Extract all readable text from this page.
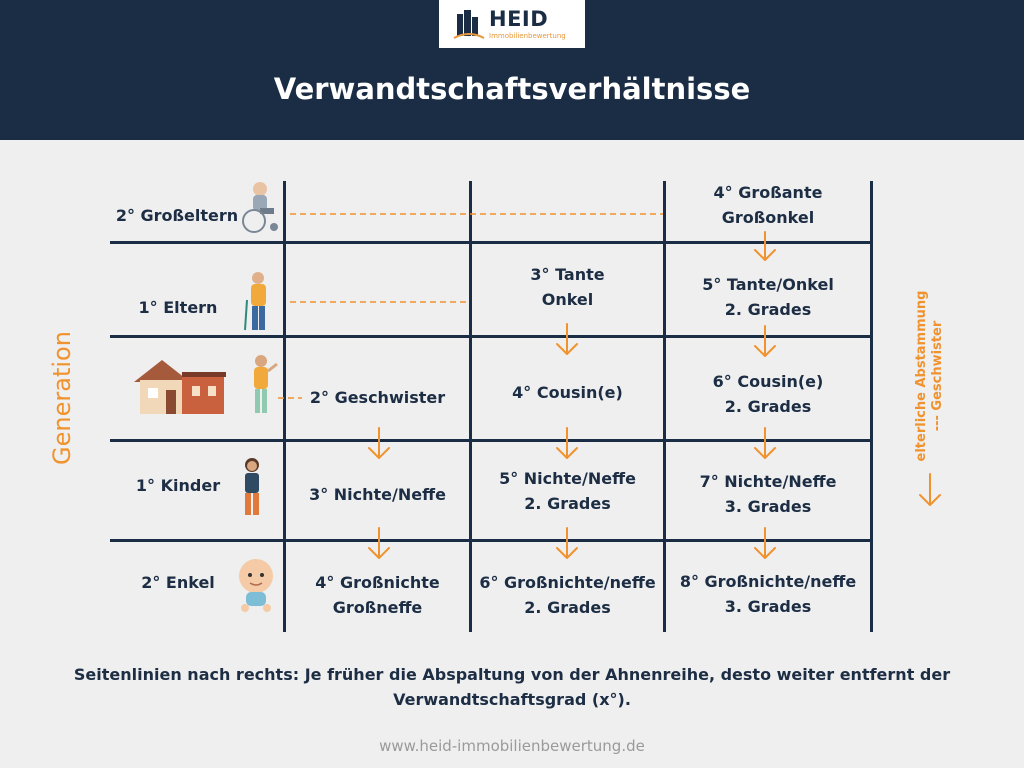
HEID
Immobilienbewertung
Verwandtschaftsverhältnisse
Generation	elterliche Abstammung --- Geschwister
2° Großeltern
1° Eltern
1° Kinder
2° Enkel
2° Geschwister
3° Nichte/Neffe
4° Großnichte
Großneffe
3° Tante
Onkel
4° Cousin(e)
5° Nichte/Neffe
2. Grades
6° Großnichte/neffe
2. Grades
4° Großante
Großonkel
5° Tante/Onkel
2. Grades
6° Cousin(e)
2. Grades
7° Nichte/Neffe
3. Grades
8° Großnichte/neffe
3. Grades
Seitenlinien nach rechts: Je früher die Abspaltung von der Ahnenreihe, desto weiter entfernt der
Verwandtschaftsgrad (x°).
www.heid-immobilienbewertung.de
